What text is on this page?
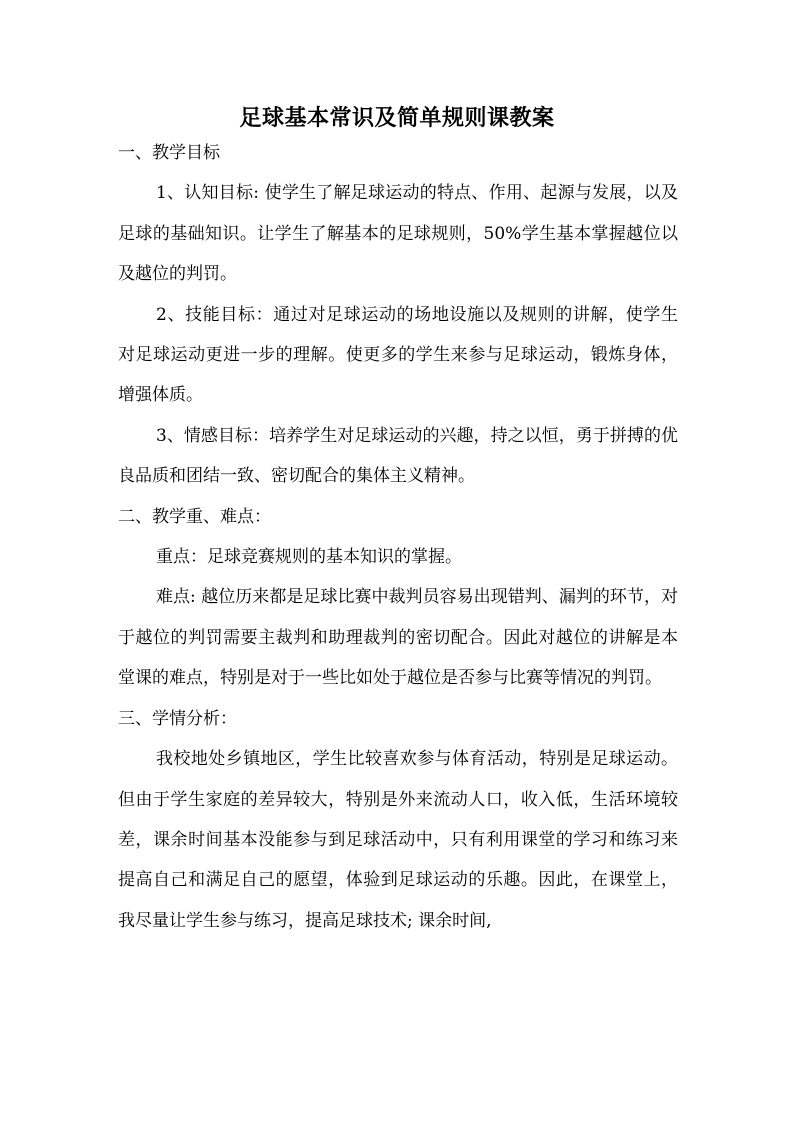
足球基本常识及简单规则课教案

一、教学目标

1、认知目标: 使学生了解足球运动的特点、作用、起源与发展，以及足球的基础知识。让学生了解基本的足球规则，50%学生基本掌握越位以及越位的判罚。

2、技能目标：通过对足球运动的场地设施以及规则的讲解，使学生 对足球运动更进一步的理解。使更多的学生来参与足球运动，锻炼身体，增强体质。

3、情感目标：培养学生对足球运动的兴趣，持之以恒，勇于拼搏的优良品质和团结一致、密切配合的集体主义精神。

二、教学重、难点：

重点：足球竞赛规则的基本知识的掌握。

难点: 越位历来都是足球比赛中裁判员容易出现错判、漏判的环节，对于越位的判罚需要主裁判和助理裁判的密切配合。因此对越位的讲解是本堂课的难点，特别是对于一些比如处于越位是否参与比赛等情况的判罚。

三、学情分析：

我校地处乡镇地区，学生比较喜欢参与体育活动，特别是足球运动。但由于学生家庭的差异较大，特别是外来流动人口，收入低，生活环境较差，课余时间基本没能参与到足球活动中，只有利用课堂的学习和练习来提高自己和满足自己的愿望，体验到足球运动的乐趣。因此，在课堂上，我尽量让学生参与练习，提高足球技术; 课余时间,
